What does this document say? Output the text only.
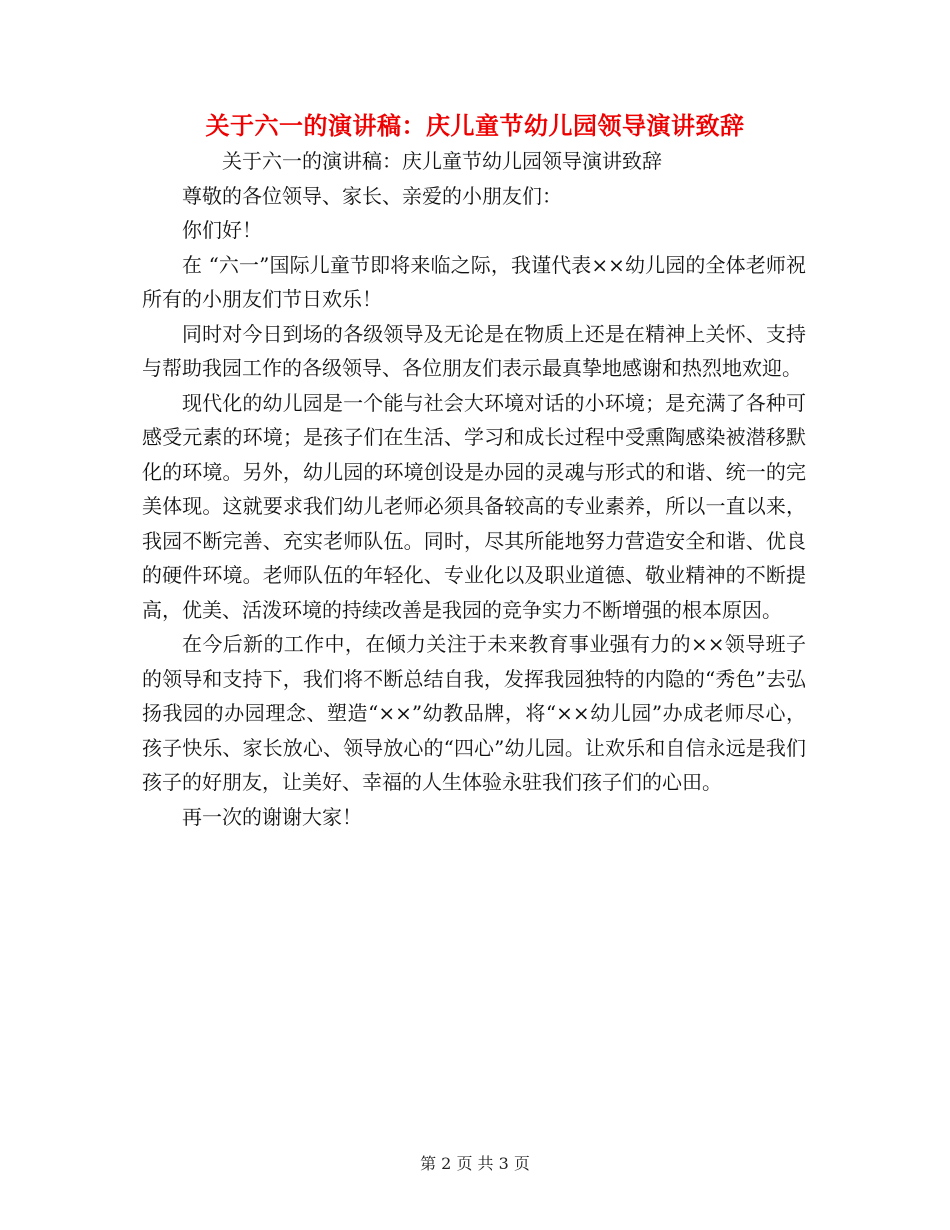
关于六一的演讲稿：庆儿童节幼儿园领导演讲致辞

关于六一的演讲稿：庆儿童节幼儿园领导演讲致辞

尊敬的各位领导、家长、亲爱的小朋友们：

你们好！

在 “六一”国际儿童节即将来临之际，我谨代表××幼儿园的全体老师祝所有的小朋友们节日欢乐！

同时对今日到场的各级领导及无论是在物质上还是在精神上关怀、支持与帮助我园工作的各级领导、各位朋友们表示最真挚地感谢和热烈地欢迎。

现代化的幼儿园是一个能与社会大环境对话的小环境；是充满了各种可感受元素的环境；是孩子们在生活、学习和成长过程中受熏陶感染被潜移默化的环境。另外，幼儿园的环境创设是办园的灵魂与形式的和谐、统一的完美体现。这就要求我们幼儿老师必须具备较高的专业素养，所以一直以来，我园不断完善、充实老师队伍。同时，尽其所能地努力营造安全和谐、优良的硬件环境。老师队伍的年轻化、专业化以及职业道德、敬业精神的不断提高，优美、活泼环境的持续改善是我园的竞争实力不断增强的根本原因。

在今后新的工作中，在倾力关注于未来教育事业强有力的××领导班子的领导和支持下，我们将不断总结自我，发挥我园独特的内隐的“秀色”去弘扬我园的办园理念、塑造“××”幼教品牌，将“××幼儿园”办成老师尽心，孩子快乐、家长放心、领导放心的“四心”幼儿园。让欢乐和自信永远是我们孩子的好朋友，让美好、幸福的人生体验永驻我们孩子们的心田。

再一次的谢谢大家！

第 2 页 共 3 页
